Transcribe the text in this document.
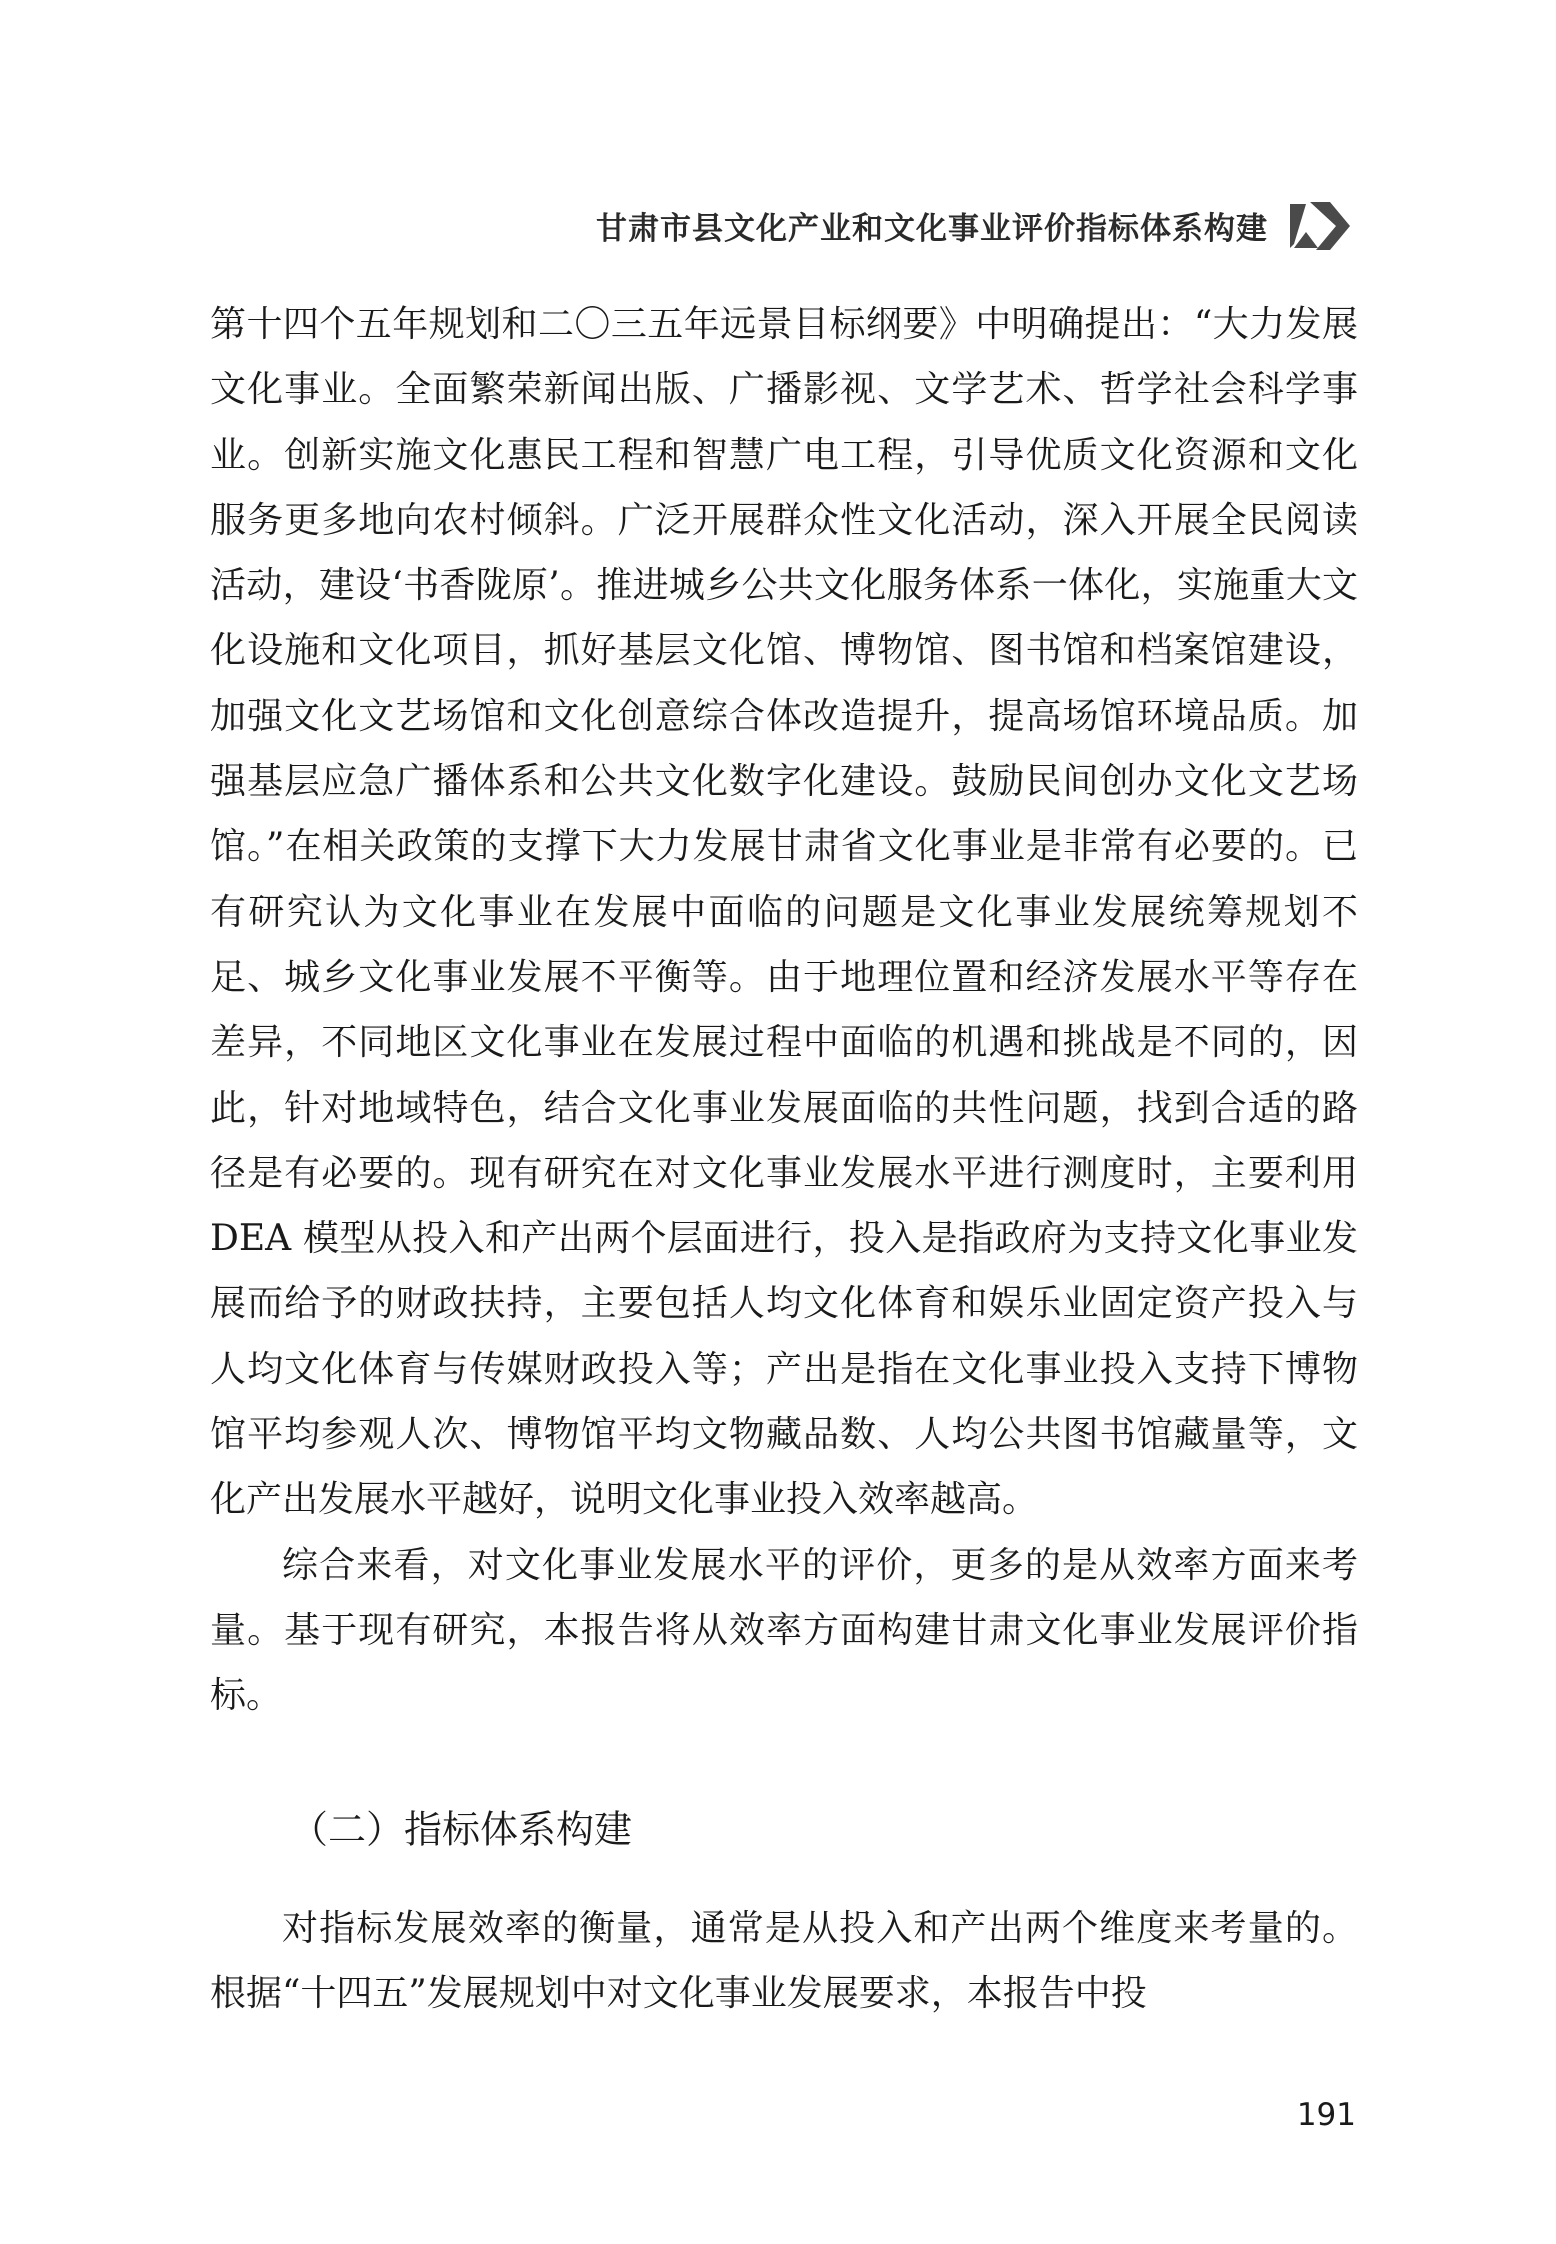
甘肃市县文化产业和文化事业评价指标体系构建

第十四个五年规划和二〇三五年远景目标纲要》中明确提出：“大力发展文化事业。全面繁荣新闻出版、广播影视、文学艺术、哲学社会科学事业。创新实施文化惠民工程和智慧广电工程，引导优质文化资源和文化服务更多地向农村倾斜。广泛开展群众性文化活动，深入开展全民阅读活动，建设‘书香陇原’。推进城乡公共文化服务体系一体化，实施重大文化设施和文化项目，抓好基层文化馆、博物馆、图书馆和档案馆建设，加强文化文艺场馆和文化创意综合体改造提升，提高场馆环境品质。加强基层应急广播体系和公共文化数字化建设。鼓励民间创办文化文艺场馆。”在相关政策的支撑下大力发展甘肃省文化事业是非常有必要的。已有研究认为文化事业在发展中面临的问题是文化事业发展统筹规划不足、城乡文化事业发展不平衡等。由于地理位置和经济发展水平等存在差异，不同地区文化事业在发展过程中面临的机遇和挑战是不同的，因此，针对地域特色，结合文化事业发展面临的共性问题，找到合适的路径是有必要的。现有研究在对文化事业发展水平进行测度时，主要利用 DEA 模型从投入和产出两个层面进行，投入是指政府为支持文化事业发展而给予的财政扶持，主要包括人均文化体育和娱乐业固定资产投入与人均文化体育与传媒财政投入等；产出是指在文化事业投入支持下博物馆平均参观人次、博物馆平均文物藏品数、人均公共图书馆藏量等，文化产出发展水平越好，说明文化事业投入效率越高。

综合来看，对文化事业发展水平的评价，更多的是从效率方面来考量。基于现有研究，本报告将从效率方面构建甘肃文化事业发展评价指标。

（二）指标体系构建

对指标发展效率的衡量，通常是从投入和产出两个维度来考量的。根据“十四五”发展规划中对文化事业发展要求，本报告中投

191
